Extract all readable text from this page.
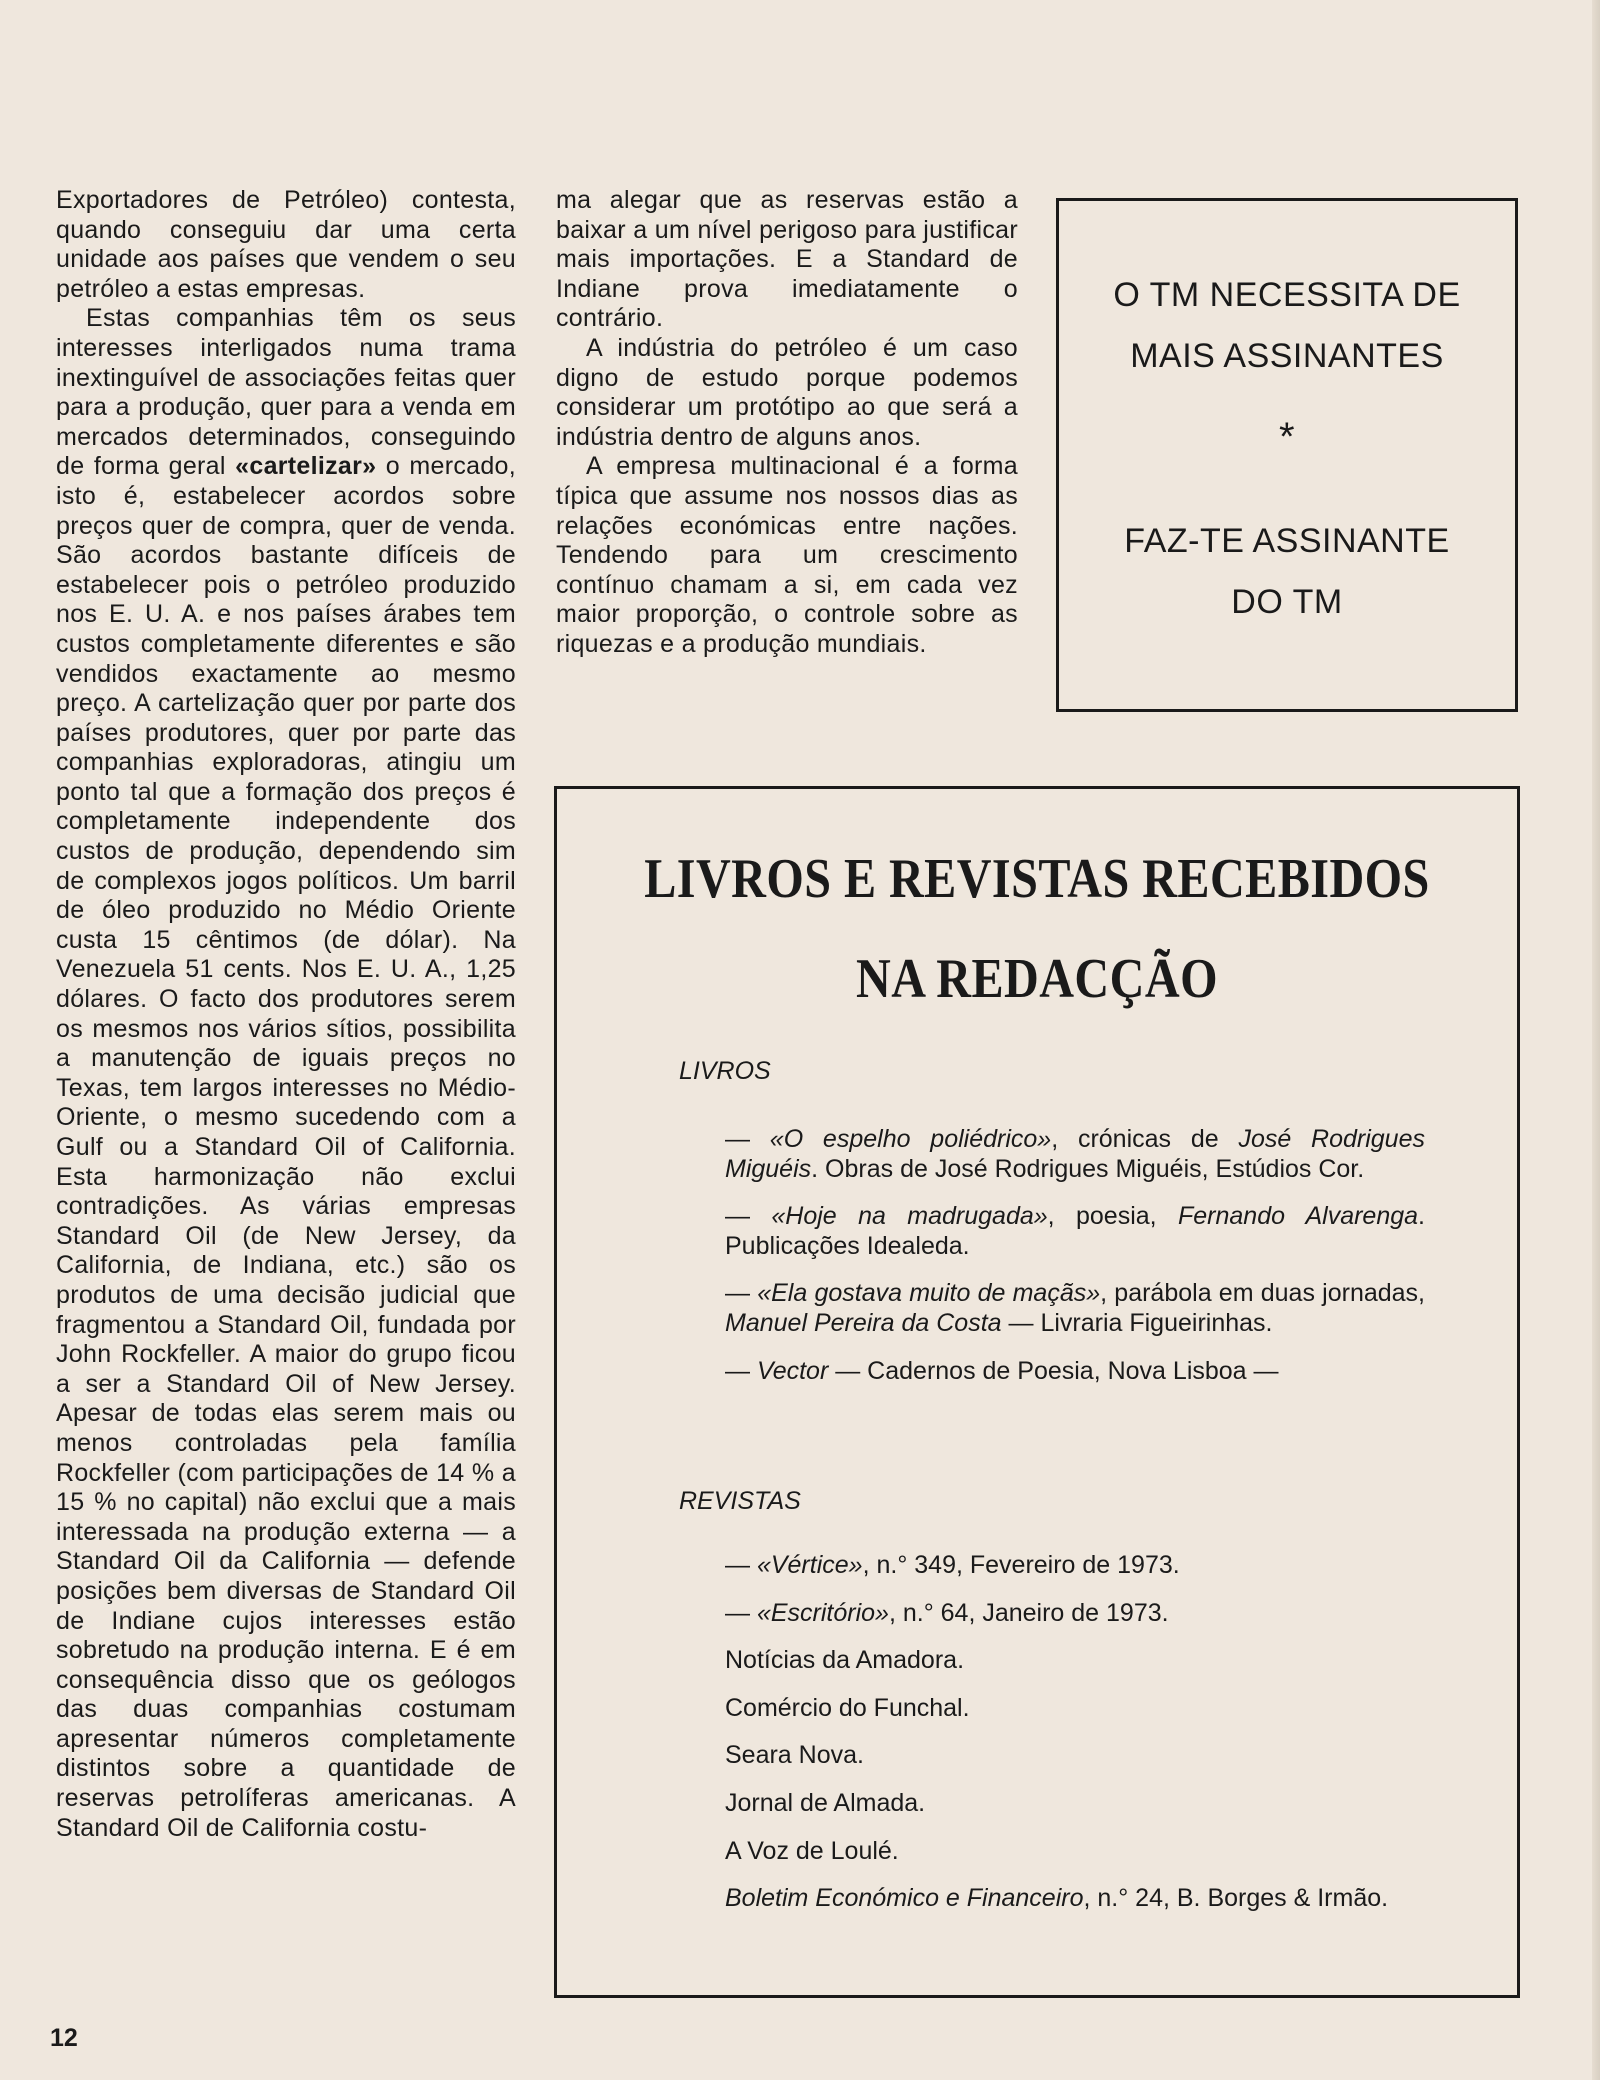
Exportadores de Petróleo) contesta, quando conseguiu dar uma certa unidade aos países que vendem o seu petróleo a estas empresas.

Estas companhias têm os seus interesses interligados numa trama inextinguível de associações feitas quer para a produção, quer para a venda em mercados determinados, conseguindo de forma geral «cartelizar» o mercado, isto é, estabelecer acordos sobre preços quer de compra, quer de venda. São acordos bastante difíceis de estabelecer pois o petróleo produzido nos E. U. A. e nos países árabes tem custos completamente diferentes e são vendidos exactamente ao mesmo preço. A cartelização quer por parte dos países produtores, quer por parte das companhias exploradoras, atingiu um ponto tal que a formação dos preços é completamente independente dos custos de produção, dependendo sim de complexos jogos políticos. Um barril de óleo produzido no Médio Oriente custa 15 cêntimos (de dólar). Na Venezuela 51 cents. Nos E. U. A., 1,25 dólares. O facto dos produtores serem os mesmos nos vários sítios, possibilita a manutenção de iguais preços no Texas, tem largos interesses no Médio-Oriente, o mesmo sucedendo com a Gulf ou a Standard Oil of California. Esta harmonização não exclui contradições. As várias empresas Standard Oil (de New Jersey, da California, de Indiana, etc.) são os produtos de uma decisão judicial que fragmentou a Standard Oil, fundada por John Rockfeller. A maior do grupo ficou a ser a Standard Oil of New Jersey. Apesar de todas elas serem mais ou menos controladas pela família Rockfeller (com participações de 14 % a 15 % no capital) não exclui que a mais interessada na produção externa — a Standard Oil da California — defende posições bem diversas de Standard Oil de Indiane cujos interesses estão sobretudo na produção interna. E é em consequência disso que os geólogos das duas companhias costumam apresentar números completamente distintos sobre a quantidade de reservas petrolíferas americanas. A Standard Oil de California costu-

ma alegar que as reservas estão a baixar a um nível perigoso para justificar mais importações. E a Standard de Indiane prova imediatamente o contrário.

A indústria do petróleo é um caso digno de estudo porque podemos considerar um protótipo ao que será a indústria dentro de alguns anos.

A empresa multinacional é a forma típica que assume nos nossos dias as relações económicas entre nações. Tendendo para um crescimento contínuo chamam a si, em cada vez maior proporção, o controle sobre as riquezas e a produção mundiais.

O TM NECESSITA DE
MAIS ASSINANTES
*
FAZ-TE ASSINANTE
DO TM
LIVROS E REVISTAS RECEBIDOS
NA REDACÇÃO
LIVROS

— «O espelho poliédrico», crónicas de José Rodrigues Miguéis. Obras de José Rodrigues Miguéis, Estúdios Cor.

— «Hoje na madrugada», poesia, Fernando Alvarenga. Publicações Idealeda.

— «Ela gostava muito de maçãs», parábola em duas jornadas, Manuel Pereira da Costa — Livraria Figueirinhas.

— Vector — Cadernos de Poesia, Nova Lisboa —

REVISTAS

— «Vértice», n.° 349, Fevereiro de 1973.

— «Escritório», n.° 64, Janeiro de 1973.

Notícias da Amadora.

Comércio do Funchal.

Seara Nova.

Jornal de Almada.

A Voz de Loulé.

Boletim Económico e Financeiro, n.° 24, B. Borges & Irmão.

12
